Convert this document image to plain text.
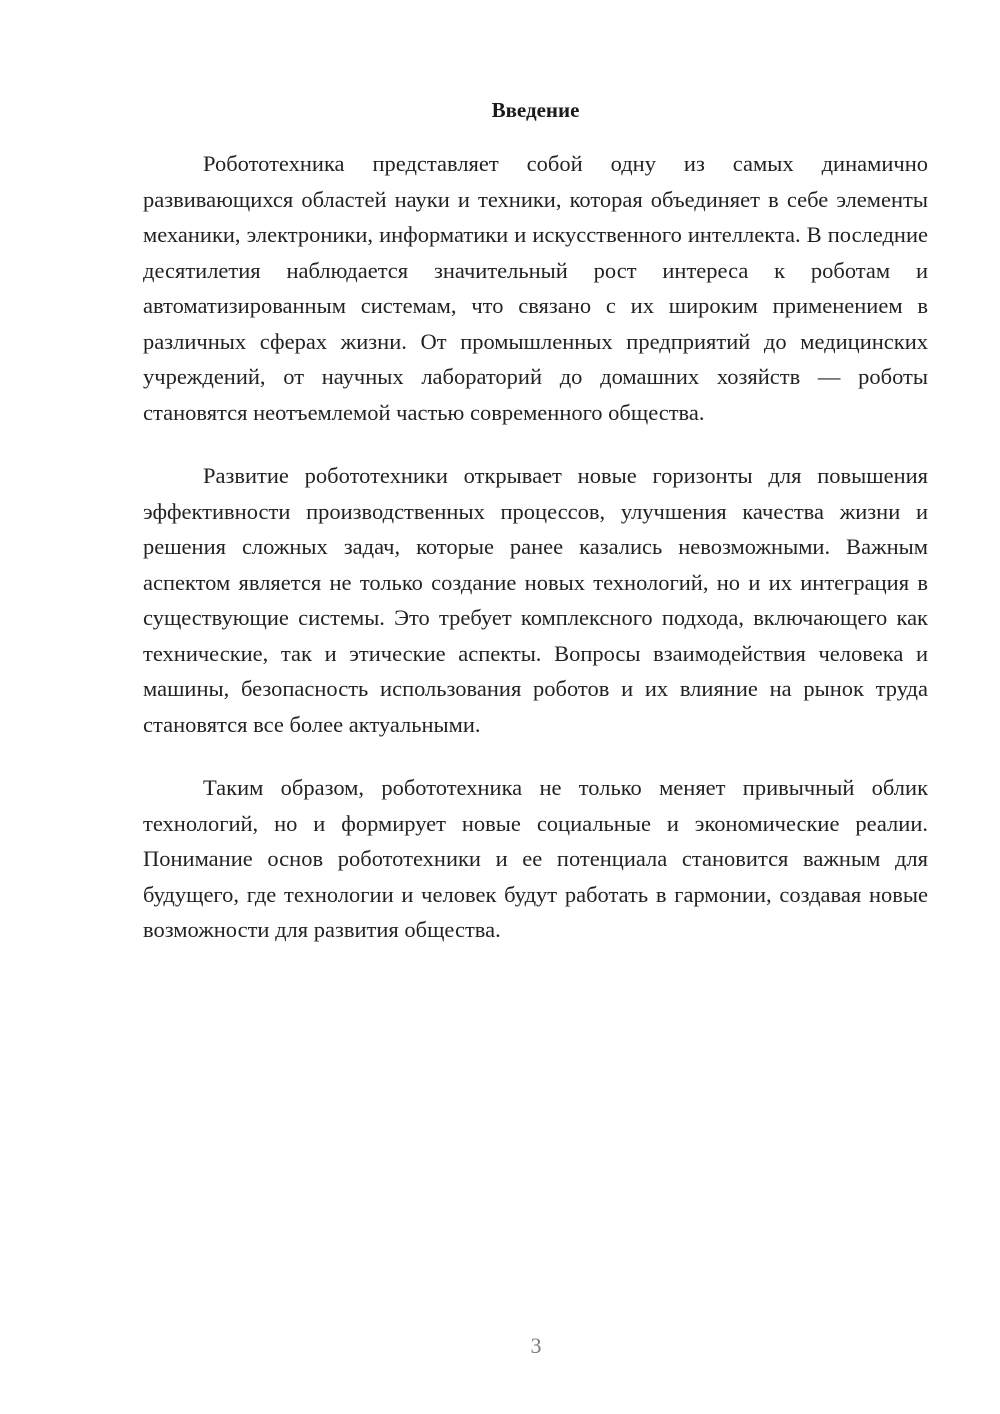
Введение

Робототехника представляет собой одну из самых динамично развивающихся областей науки и техники, которая объединяет в себе элементы механики, электроники, информатики и искусственного интеллекта. В последние десятилетия наблюдается значительный рост интереса к роботам и автоматизированным системам, что связано с их широким применением в различных сферах жизни. От промышленных предприятий до медицинских учреждений, от научных лабораторий до домашних хозяйств — роботы становятся неотъемлемой частью современного общества.

Развитие робототехники открывает новые горизонты для повышения эффективности производственных процессов, улучшения качества жизни и решения сложных задач, которые ранее казались невозможными. Важным аспектом является не только создание новых технологий, но и их интеграция в существующие системы. Это требует комплексного подхода, включающего как технические, так и этические аспекты. Вопросы взаимодействия человека и машины, безопасность использования роботов и их влияние на рынок труда становятся все более актуальными.

Таким образом, робототехника не только меняет привычный облик технологий, но и формирует новые социальные и экономические реалии. Понимание основ робототехники и ее потенциала становится важным для будущего, где технологии и человек будут работать в гармонии, создавая новые возможности для развития общества.

3
